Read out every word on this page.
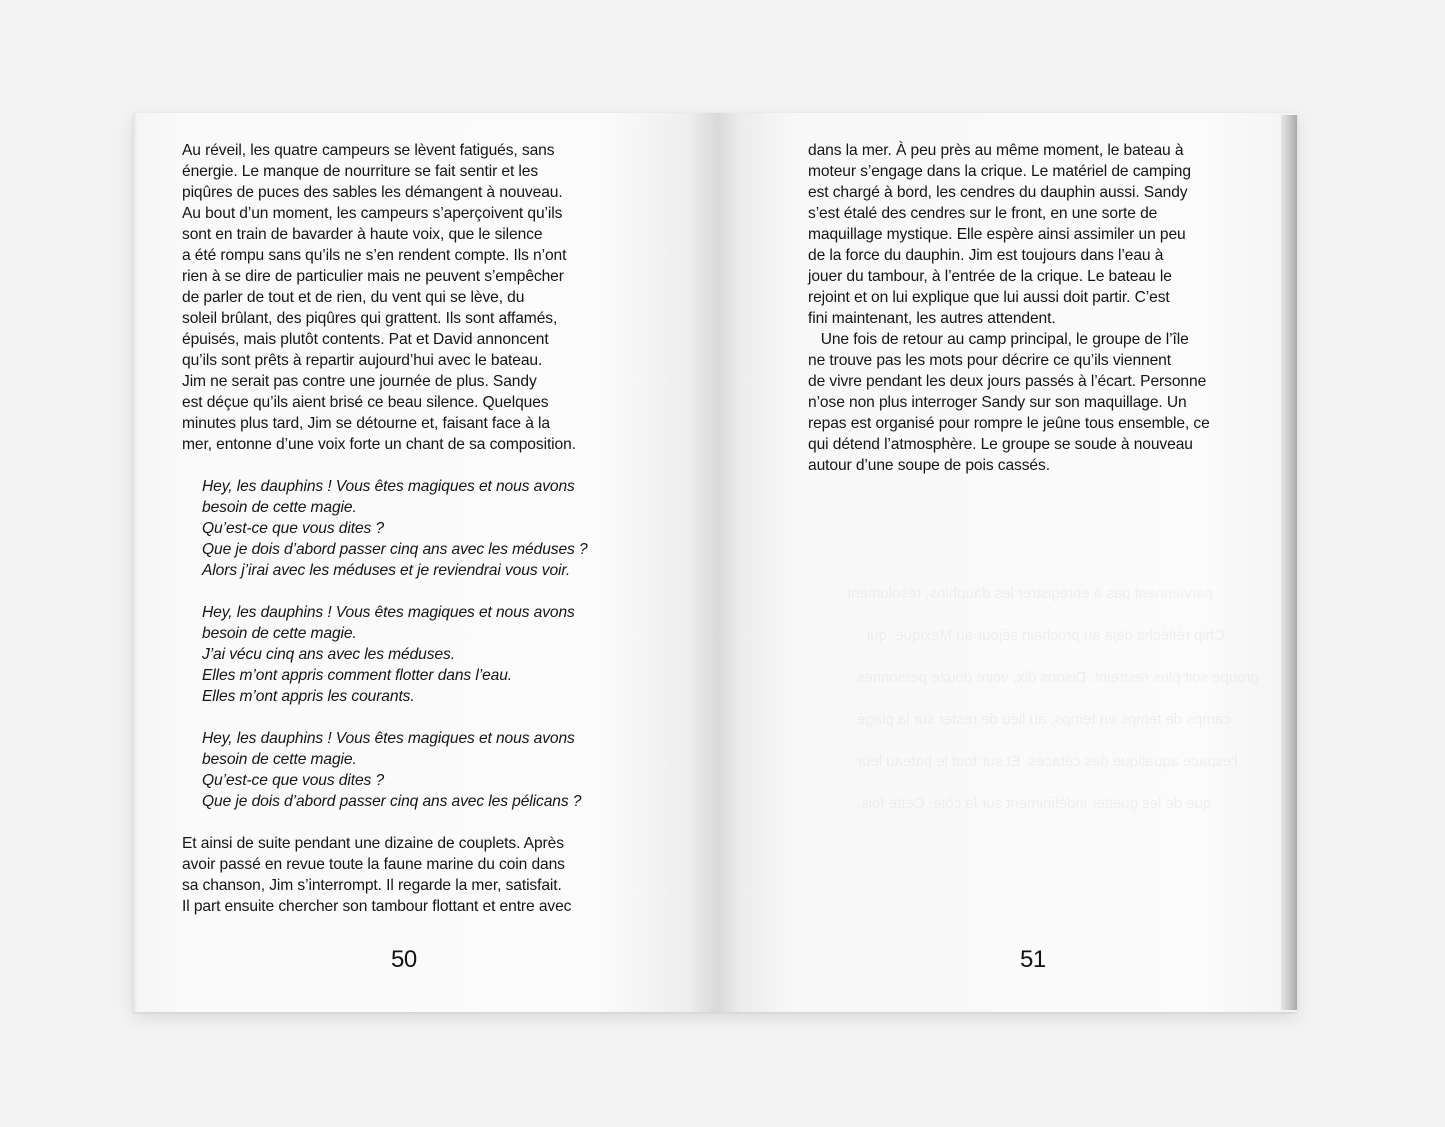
Au réveil, les quatre campeurs se lèvent fatigués, sans
énergie. Le manque de nourriture se fait sentir et les
piqûres de puces des sables les démangent à nouveau.
Au bout d’un moment, les campeurs s’aperçoivent qu’ils
sont en train de bavarder à haute voix, que le silence
a été rompu sans qu’ils ne s’en rendent compte. Ils n’ont
rien à se dire de particulier mais ne peuvent s’empêcher
de parler de tout et de rien, du vent qui se lève, du
soleil brûlant, des piqûres qui grattent. Ils sont affamés,
épuisés, mais plutôt contents. Pat et David annoncent
qu’ils sont prêts à repartir aujourd’hui avec le bateau.
Jim ne serait pas contre une journée de plus. Sandy
est déçue qu’ils aient brisé ce beau silence. Quelques
minutes plus tard, Jim se détourne et, faisant face à la
mer, entonne d’une voix forte un chant de sa composition.
Hey, les dauphins ! Vous êtes magiques et nous avons
besoin de cette magie.
Qu’est-ce que vous dites ?
Que je dois d’abord passer cinq ans avec les méduses ?
Alors j’irai avec les méduses et je reviendrai vous voir.
Hey, les dauphins ! Vous êtes magiques et nous avons
besoin de cette magie.
J’ai vécu cinq ans avec les méduses.
Elles m’ont appris comment flotter dans l’eau.
Elles m’ont appris les courants.
Hey, les dauphins ! Vous êtes magiques et nous avons
besoin de cette magie.
Qu’est-ce que vous dites ?
Que je dois d’abord passer cinq ans avec les pélicans ?
Et ainsi de suite pendant une dizaine de couplets. Après
avoir passé en revue toute la faune marine du coin dans
sa chanson, Jim s’interrompt. Il regarde la mer, satisfait.
Il part ensuite chercher son tambour flottant et entre avec
50
dans la mer. À peu près au même moment, le bateau à
moteur s’engage dans la crique. Le matériel de camping
est chargé à bord, les cendres du dauphin aussi. Sandy
s’est étalé des cendres sur le front, en une sorte de
maquillage mystique. Elle espère ainsi assimiler un peu
de la force du dauphin. Jim est toujours dans l’eau à
jouer du tambour, à l’entrée de la crique. Le bateau le
rejoint et on lui explique que lui aussi doit partir. C’est
fini maintenant, les autres attendent.
Une fois de retour au camp principal, le groupe de l’île
ne trouve pas les mots pour décrire ce qu’ils viennent
de vivre pendant les deux jours passés à l’écart. Personne
n’ose non plus interroger Sandy sur son maquillage. Un
repas est organisé pour rompre le jeûne tous ensemble, ce
qui détend l’atmosphère. Le groupe se soude à nouveau
autour d’une soupe de pois cassés.
51
